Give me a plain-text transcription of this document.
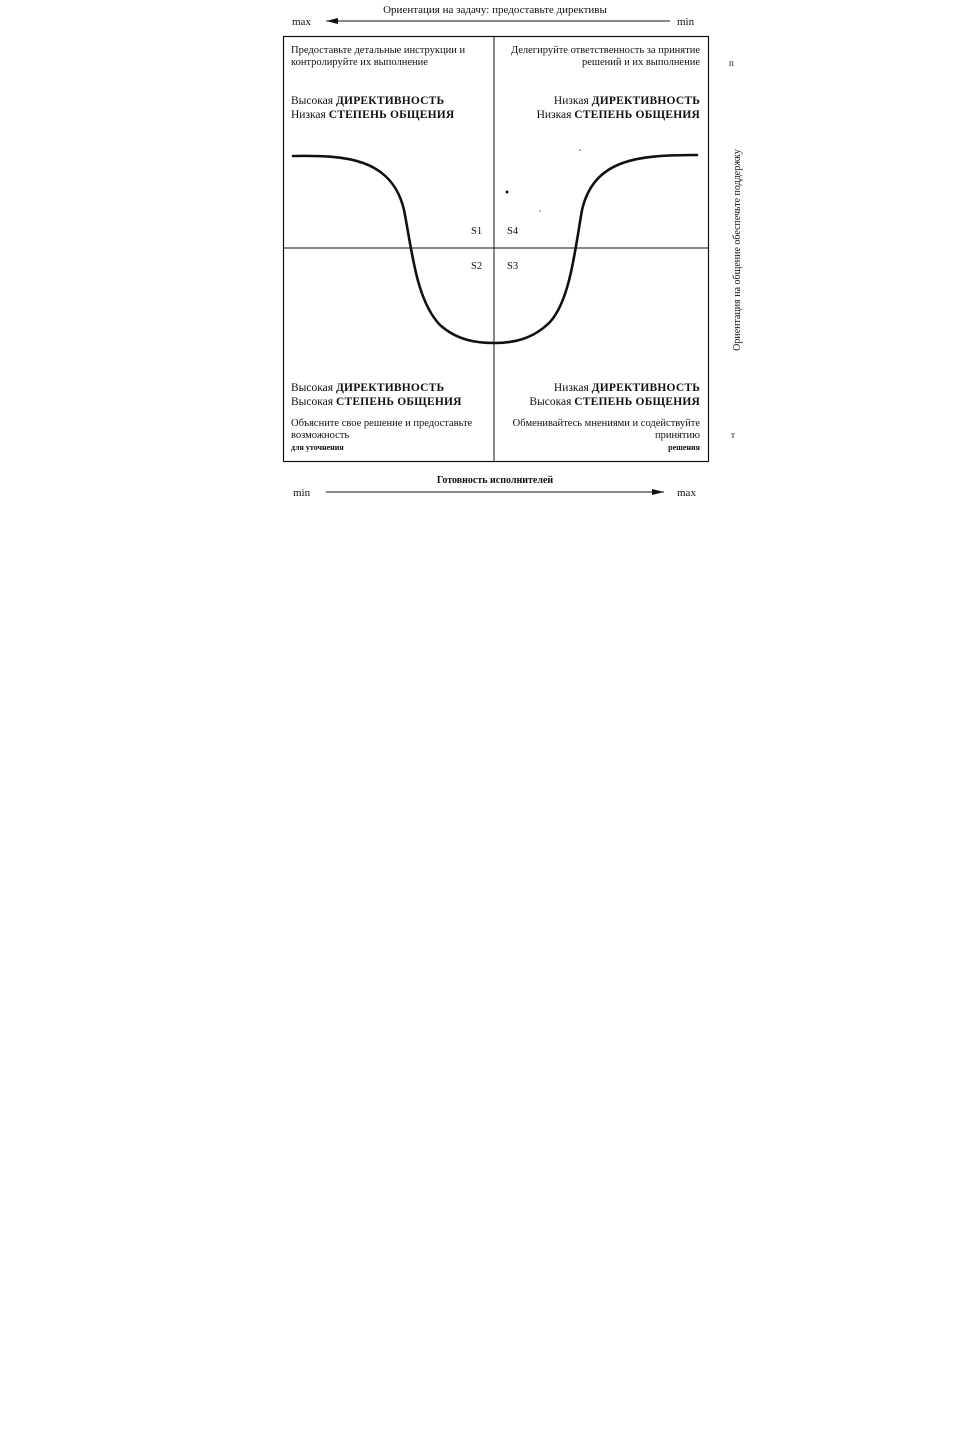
Ориентация на задачу: предоставьте директивы
max	min
Предоставьте детальные инструкции и контролируйте их выполнение
Высокая ДИРЕКТИВНОСТЬ
Низкая СТЕПЕНЬ ОБЩЕНИЯ
Делегируйте ответственность за принятие решений и их выполнение
Низкая ДИРЕКТИВНОСТЬ
Низкая СТЕПЕНЬ ОБЩЕНИЯ
Высокая ДИРЕКТИВНОСТЬ
Высокая СТЕПЕНЬ ОБЩЕНИЯ
Объясните свое решение и предоставьте возможность
для уточнения
Низкая ДИРЕКТИВНОСТЬ
Высокая СТЕПЕНЬ ОБЩЕНИЯ
Обменивайтесь мнениями и содействуйте принятию
решения
S1 S4
S2 S3	Ориентация на общение обеспечьте поддержку
п
т
Готовность исполнителей
min	max
